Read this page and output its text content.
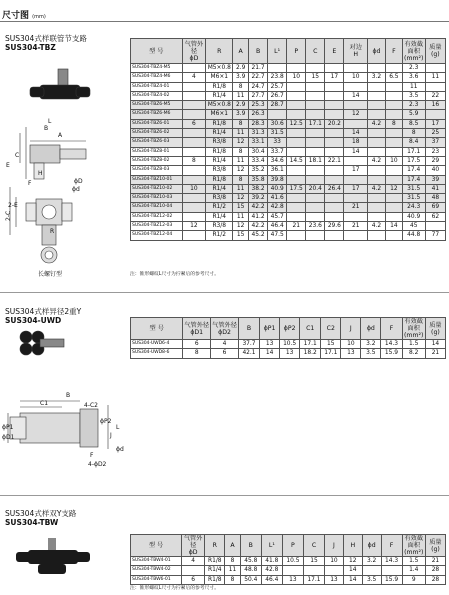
尺寸图 (mm)
SUS304式样联管节支路
SUS304-TBZ
A
B
L
C
E
H
F	ϕD
ϕd
R
2-C
2-E
长螺钉型
型 号	气管外径
ϕD	R	A	B	L¹	P	C	E	对边
H	ϕd	F	有效截面积
(mm²)	质量
(g)
SUS304-TBZ4-M5		M5×0.8	2.9	21.7								2.3	
SUS304-TBZ4-M6	4	M6×1	3.9	22.7	23.8	10	15	17	10	3.2	6.5	3.6	11
SUS304-TBZ4-01		R1/8	8	24.7	25.7							11	
SUS304-TBZ4-02		R1/4	11	27.7	26.7				14			3.5	22
SUS304-TBZ6-M5		M5×0.8	2.9	25.3	28.7							2.3	16
SUS304-TBZ6-M6		M6×1	3.9	26.3					12			5.9	
SUS304-TBZ6-01	6	R1/8	8	28.3	30.6	12.5	17.1	20.2		4.2	8	8.5	17
SUS304-TBZ6-02		R1/4	11	31.3	31.5				14			8	25
SUS304-TBZ6-03		R3/8	12	33.1	33				18			8.4	37
SUS304-TBZ8-01		R1/8	8	30.4	33.7				14			17.1	23
SUS304-TBZ8-02	8	R1/4	11	33.4	34.6	14.5	18.1	22.1		4.2	10	17.5	29
SUS304-TBZ8-03		R3/8	12	35.2	36.1				17			17.4	40
SUS304-TBZ10-01		R1/8	8	35.8	39.8							17.4	39
SUS304-TBZ10-02	10	R1/4	11	38.2	40.9	17.5	20.4	26.4	17	4.2	12	31.5	41
SUS304-TBZ10-03		R3/8	12	39.2	41.6							31.5	48
SUS304-TBZ10-04		R1/2	15	42.2	42.8				21			24.3	69
SUS304-TBZ12-02		R1/4	11	41.2	45.7							40.9	62
SUS304-TBZ12-03	12	R3/8	12	42.2	46.4	21	23.6	29.6	21	4.2	14	45	
SUS304-TBZ12-04		R1/2	15	45.2	47.5							44.8	77
注：锥形螺纹L尺寸为拧紧后的参考尺寸。
SUS304式样异径2重Y
SUS304-UWD
型 号	气管外径
ϕD1	气管外径
ϕD2	B	ϕP1	ϕP2	C1	C2	J	ϕd	F	有效截面积
(mm²)	质量
(g)
SUS304-UWD6-4	6	4	37.7	13	10.5	17.1	15	10	3.2	14.3	1.5	14
SUS304-UWD8-6	8	6	42.1	14	13	18.2	17.1	13	3.5	15.9	8.2	21
C1
B
4-C2
ϕP1
ϕD1
ϕP2
J
F
4-ϕD2
ϕd
L
SUS304式样双Y支路
SUS304-TBW
型 号	气管外径
ϕD	R	A	B	L¹	P	C	J	H	ϕd	F	有效截面积
(mm²)	质量
(g)
SUS304-TBW4-01	4	R1/8	8	45.8	41.8	10.5	15	10	12	3.2	14.3	1.5	21
SUS304-TBW4-02		R1/4	11	48.8	42.8				14			1.4	28
SUS304-TBW6-01	6	R1/8	8	50.4	46.4	13	17.1	13	14	3.5	15.9	9	28
注：锥形螺纹L尺寸为拧紧后的参考尺寸。
